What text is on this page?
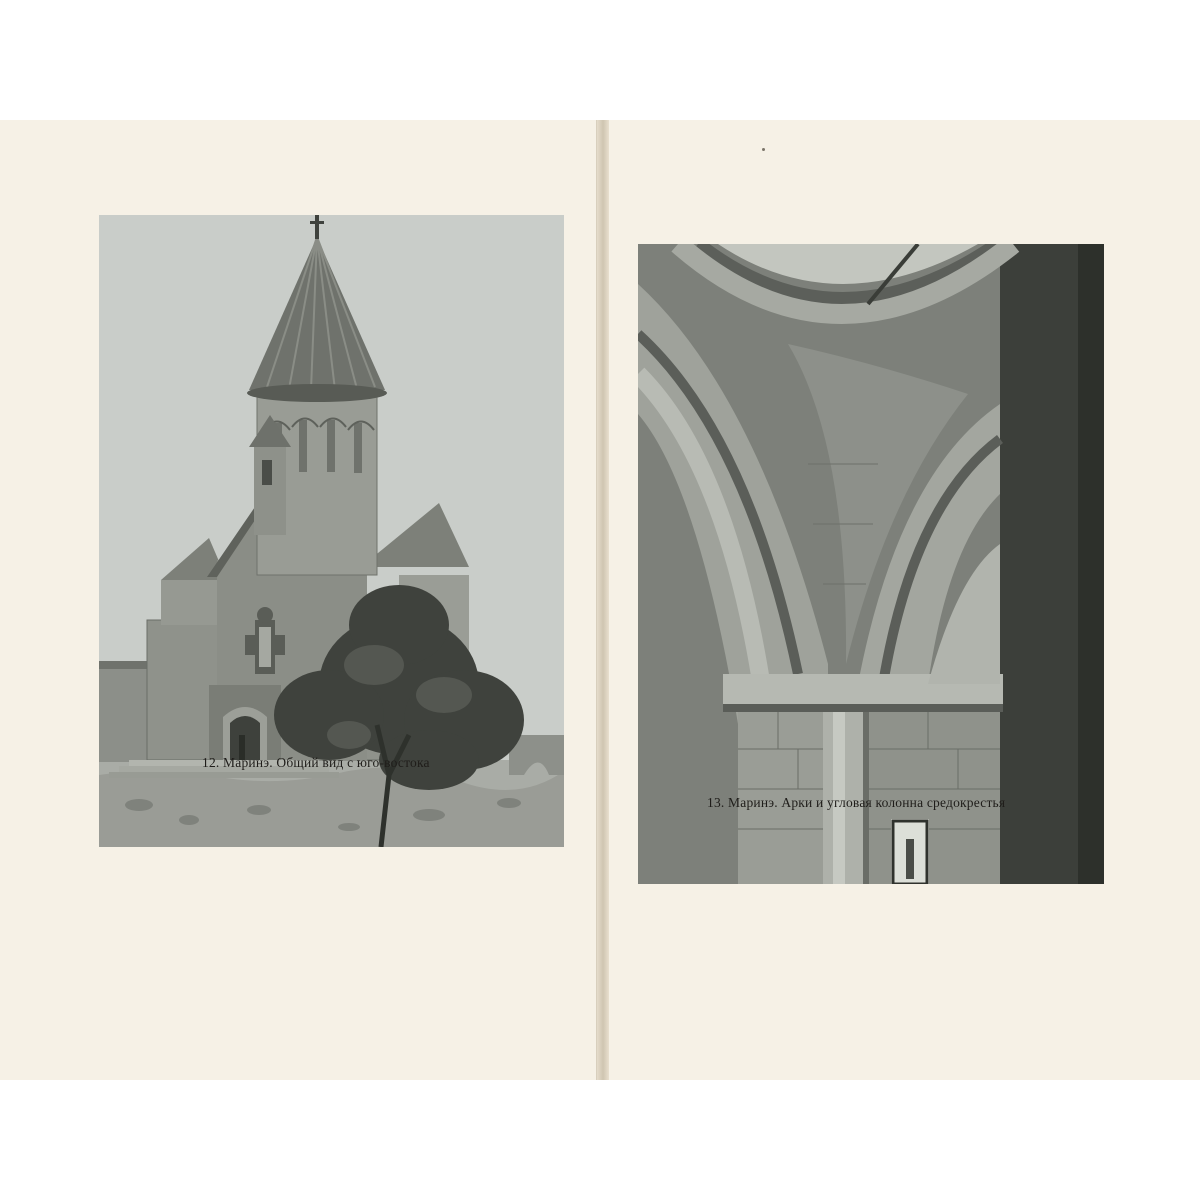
12. Маринэ. Общий вид с юго-востока

13. Маринэ. Арки и угловая колонна средокрестья
